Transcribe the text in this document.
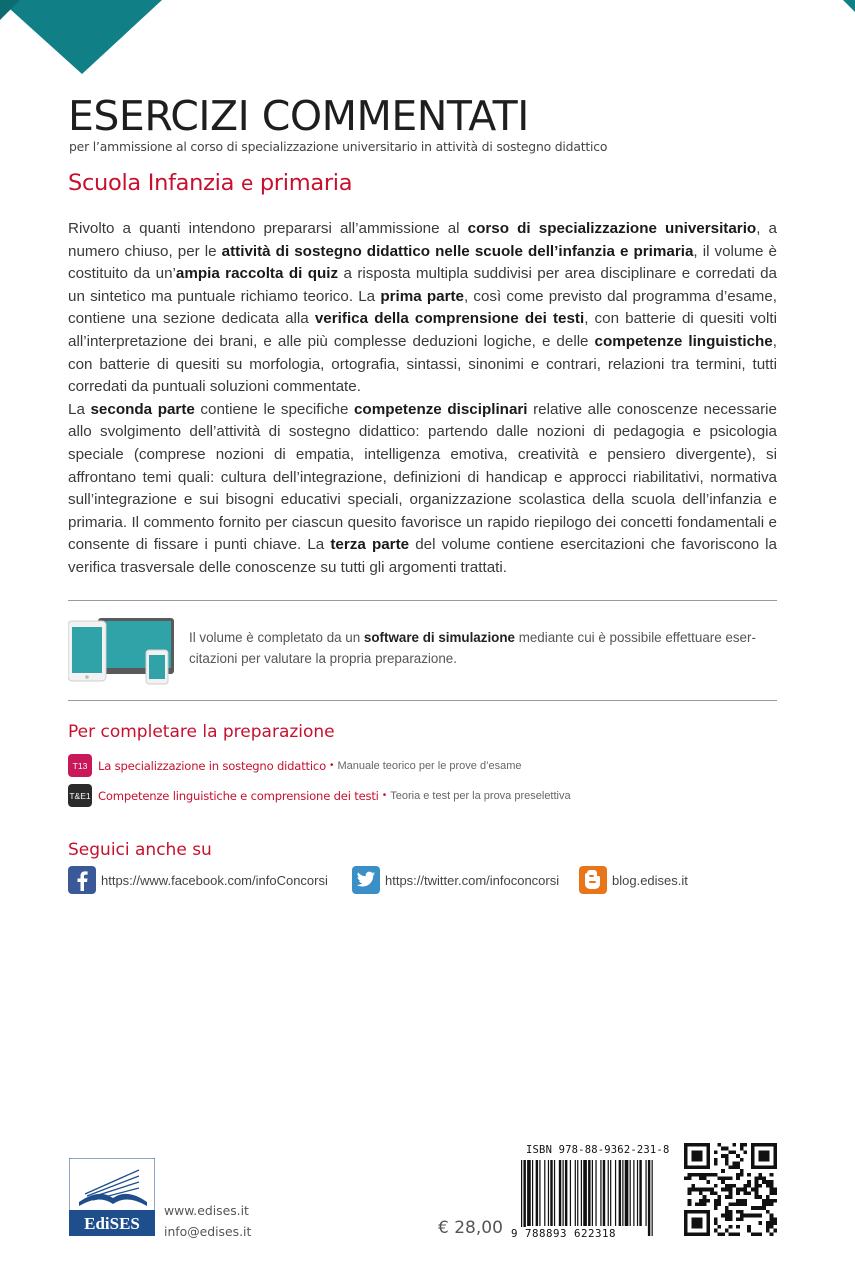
ESERCIZI COMMENTATI
per l’ammissione al corso di specializzazione universitario in attività di sostegno didattico
Scuola Infanzia e primaria

Rivolto a quanti intendono prepararsi all’ammissione al corso di specializzazione universitario, a numero chiuso, per le attività di sostegno didattico nelle scuole dell’infanzia e primaria, il volume è costituito da un’ampia raccolta di quiz a risposta multipla suddivisi per area disciplinare e corredati da un sintetico ma puntuale richiamo teorico. La prima parte, così come previsto dal programma d’esame, contiene una sezione dedicata alla verifica della comprensione dei testi, con batterie di quesiti volti all’interpretazione dei brani, e alle più complesse deduzioni logiche, e delle competenze linguistiche, con batterie di quesiti su morfologia, ortografia, sintassi, sinonimi e contrari, relazioni tra termini, tutti corredati da puntuali soluzioni commentate.

La seconda parte contiene le specifiche competenze disciplinari relative alle conoscenze necessarie allo svolgimento dell’attività di sostegno didattico: partendo dalle nozioni di pedagogia e psicologia speciale (comprese nozioni di empatia, intelligenza emotiva, creatività e pensiero divergente), si affrontano temi quali: cultura dell’integrazione, definizioni di handicap e approcci riabilitativi, normativa sull’integrazione e sui bisogni educativi speciali, organizzazione scolastica della scuola dell’infanzia e primaria. Il commento fornito per ciascun quesito favorisce un rapido riepilogo dei concetti fondamentali e consente di fissare i punti chiave. La terza parte del volume contiene esercitazioni che favoriscono la verifica trasversale delle conoscenze su tutti gli argomenti trattati.

Il volume è completato da un software di simulazione mediante cui è possibile effettuare esercitazioni per valutare la propria preparazione.
Per completare la preparazione
T13 La specializzazione in sostegno didattico • Manuale teorico per le prove d’esame
T&E1 Competenze linguistiche e comprensione dei testi • Teoria e test per la prova preselettiva
Seguici anche su
https://www.facebook.com/infoConcorsi	https://twitter.com/infoconcorsi	blog.edises.it
EdiSES
www.edises.it
info@edises.it	€ 28,00
ISBN 978-88-9362-231-8
9 788893 622318
